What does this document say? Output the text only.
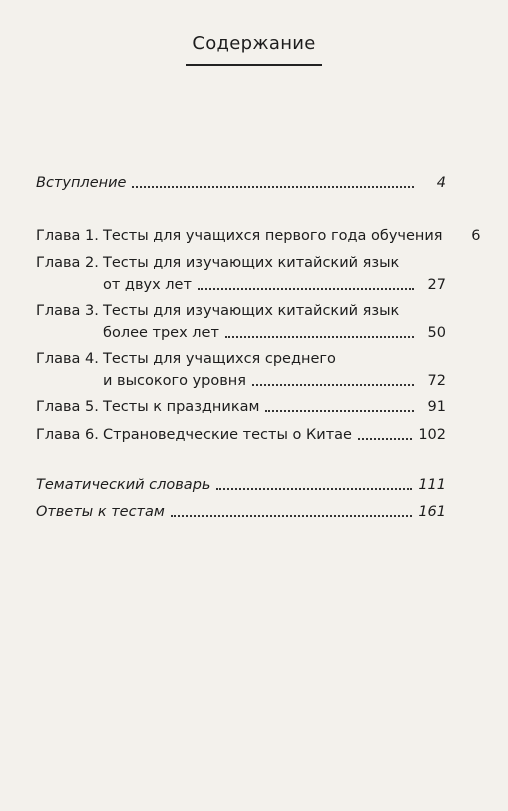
Содержание
Вступление	4
Глава 1. Тесты для учащихся первого года обучения	6
Глава 2. Тесты для изучающих китайский язык
от двух лет	27
Глава 3. Тесты для изучающих китайский язык
более трех лет	50
Глава 4. Тесты для учащихся среднего
и высокого уровня	72
Глава 5. Тесты к праздникам	91
Глава 6. Страноведческие тесты о Китае	102
Тематический словарь	111
Ответы к тестам	161
